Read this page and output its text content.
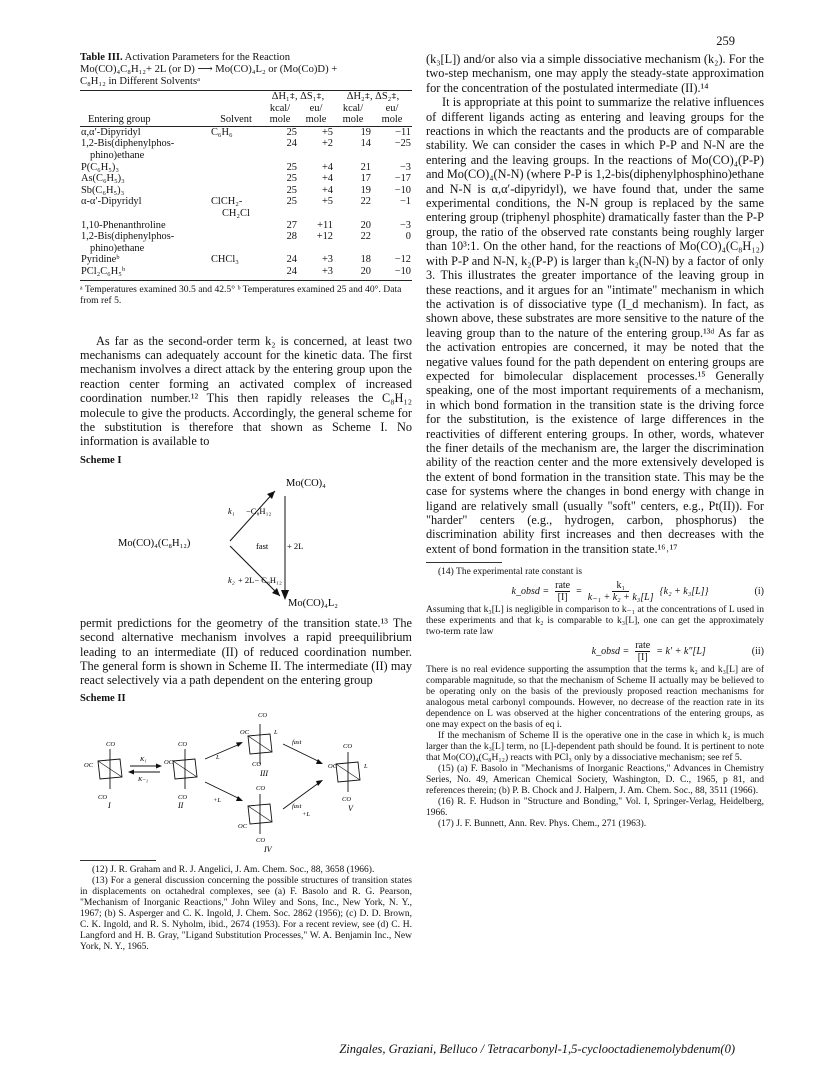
259
Table III. Activation Parameters for the Reaction
Mo(CO)₄C₈H₁₂+ 2L (or D) ⟶ Mo(CO)₄L₂ or (Mo(Co)D) +
C₈H₁₂ in Different Solventsᵃ
		ΔH₁⧧, ΔS₁⧧,		ΔH₂⧧, ΔS₂⧧,	
		kcal/	eu/	kcal/	eu/
Entering group	Solvent	mole	mole	mole	mole
α,α′-Dipyridyl	C₆H₆	25	+5	19	−11
1,2-Bis(diphenylphos-		24	+2	14	−25
phino)ethane					
P(C₆H₅)₃		25	+4	21	−3
As(C₆H₅)₃		25	+4	17	−17
Sb(C₆H₅)₃		25	+4	19	−10
α-α′-Dipyridyl	ClCH₂-	25	+5	22	−1
	CH₂Cl				
1,10-Phenanthroline		27	+11	20	−3
1,2-Bis(diphenylphos-		28	+12	22	0
phino)ethane					
Pyridineᵇ	CHCl₃	24	+3	18	−12
PCl₂C₆H₅ᵇ		24	+3	20	−10
ᵃ Temperatures examined 30.5 and 42.5° ᵇ Temperatures examined 25 and 40°. Data from ref 5.

As far as the second-order term k₂ is concerned, at least two mechanisms can adequately account for the kinetic data. The first mechanism involves a direct attack by the entering group upon the reaction center forming an activated complex of increased coordination number.¹² This then rapidly releases the C₈H₁₂ molecule to give the products. Accordingly, the general scheme for the substitution is therefore that shown as Scheme I. No information is available to

Scheme I
Mo(CO)₄
Mo(CO)₄(C₈H₁₂)
Mo(CO)₄L₂
k₁ −C₈H₁₂
fast + 2L
k₂ + 2L− C₈H₁₂

permit predictions for the geometry of the transition state.¹³ The second alternative mechanism involves a rapid preequilibrium leading to an intermediate (II) of reduced coordination number. The general form is shown in Scheme II. The intermediate (II) may react selectively via a path dependent on the entering group

Scheme II
CO
OC
CO
I
K₁
K₋₁
CO
OC
CO
II
L
+L
CO
OC	L
CO
III
CO
OC
CO
IV
fast
fast
+L
CO
OC	L
CO
V

(12) J. R. Graham and R. J. Angelici, J. Am. Chem. Soc., 88, 3658 (1966).

(13) For a general discussion concerning the possible structures of transition states in displacements on octahedral complexes, see (a) F. Basolo and R. G. Pearson, "Mechanism of Inorganic Reactions," John Wiley and Sons, Inc., New York, N. Y., 1967; (b) S. Asperger and C. K. Ingold, J. Chem. Soc. 2862 (1956); (c) D. D. Brown, C. K. Ingold, and R. S. Nyholm, ibid., 2674 (1953). For a recent review, see (d) C. H. Langford and H. B. Gray, "Ligand Substitution Processes," W. A. Benjamin Inc., New York, N. Y., 1965.

(k₃[L]) and/or also via a simple dissociative mechanism (k₂). For the two-step mechanism, one may apply the steady-state approximation for the concentration of the postulated intermediate (II).¹⁴

It is appropriate at this point to summarize the relative influences of different ligands acting as entering and leaving groups for the reactions in which the reactants and the products are of comparable stability. We can consider the cases in which P-P and N-N are the entering and the leaving groups. In the reactions of Mo(CO)₄(P-P) and Mo(CO)₄(N-N) (where P-P is 1,2-bis(diphenylphosphino)ethane and N-N is α,α′-dipyridyl), we have found that, under the same experimental conditions, the N-N group is replaced by the same entering group (triphenyl phosphite) dramatically faster than the P-P group, the ratio of the observed rate constants being roughly larger than 10³:1. On the other hand, for the reactions of Mo(CO)₄(C₈H₁₂) with P-P and N-N, k₂(P-P) is larger than k₂(N-N) by a factor of only 3. This illustrates the greater importance of the leaving group in these reactions, and it argues for an "intimate" mechanism in which the activation is of dissociative type (I_d mechanism). In fact, as shown above, these substrates are more sensitive to the nature of the leaving group than to the nature of the entering group.¹³ᵈ As far as the activation entropies are concerned, it may be noted that the negative values found for the path dependent on entering groups are expected for bimolecular displacement processes.¹⁵ Generally speaking, one of the most important requirements of a mechanism, in which bond formation in the transition state is the driving force for the substitution, is the existence of large differences in the reactivities of different entering groups. In other, words, whatever the finer details of the mechanism are, the larger the discrimination ability of the reaction center and the more extensively developed is the extent of bond formation in the transition state. This may be the case for systems where the changes in bond energy with change in ligand are relatively small (usually "soft" centers, e.g., Pt(II)). For "harder" centers (e.g., hydrogen, carbon, phosphorus) the discrimination ability first increases and then decreases with the extent of bond formation in the transition state.¹⁶˒¹⁷

(14) The experimental rate constant is

k_obsd =
rate
[I]
= $\frac{\text{k₁}}{\text{k₋₁ + k₂ + k₃[L]}} \{k_2 + k_3[L]\}$	(i)

Assuming that k₃[L] is negligible in comparison to k₋₁ at the concentrations of L used in these experiments and that k₂ is comparable to k₃[L], one can get the approximately two-term rate law

k_obsd =
rate
[I]
= k′ + k″[L]	(ii)

There is no real evidence supporting the assumption that the terms k₂ and k₃[L] are of comparable magnitude, so that the mechanism of Scheme II actually may be believed to be operating only on the basis of the previously proposed reaction mechanisms for analogous metal carbonyl compounds. However, no decrease of the reaction rate in its dependence on L was observed at the higher concentrations of the entering groups, as one may expect on the basis of eq i.

If the mechanism of Scheme II is the operative one in the case in which k₂ is much larger than the k₃[L] term, no [L]-dependent path should be found. It is pertinent to note that Mo(CO)₄(C₈H₁₂) reacts with PCl₃ only by a dissociative mechanism; see ref 5.

(15) (a) F. Basolo in "Mechanisms of Inorganic Reactions," Advances in Chemistry Series, No. 49, American Chemical Society, Washington, D. C., 1965, p 81, and references therein; (b) P. B. Chock and J. Halpern, J. Am. Chem. Soc., 88, 3511 (1966).

(16) R. F. Hudson in "Structure and Bonding," Vol. I, Springer-Verlag, Heidelberg, 1966.

(17) J. F. Bunnett, Ann. Rev. Phys. Chem., 271 (1963).

Zingales, Graziani, Belluco / Tetracarbonyl-1,5-cyclooctadienemolybdenum(0)
